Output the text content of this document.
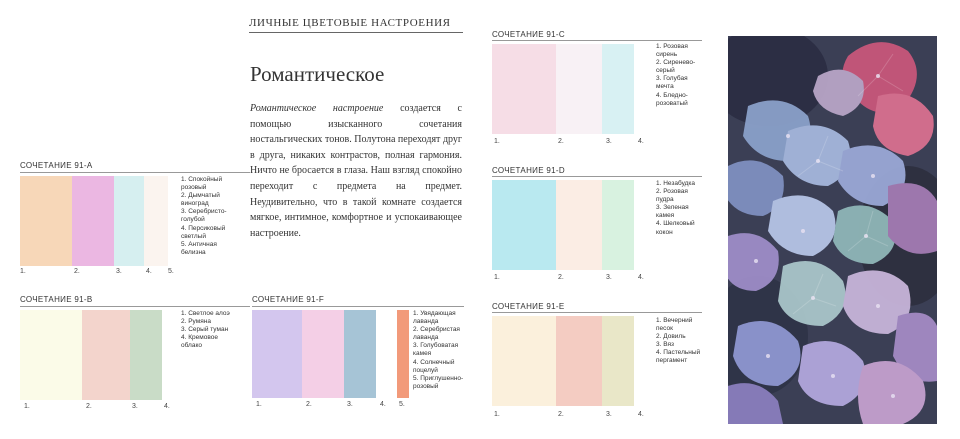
СОЧЕТАНИЕ 91-A
1.	2.	3.	4. 5.
1. Спокойный
розовый
2. Дымчатый
виноград
3. Серебристо-
голубой
4. Персиковый
светлый
5. Античная
белизна
СОЧЕТАНИЕ 91-B
1.	2.	3.	4.
1. Светлое алоэ
2. Румяна
3. Серый туман
4. Кремовое
облако
ЛИЧНЫЕ ЦВЕТОВЫЕ НАСТРОЕНИЯ
Романтическое
Романтическое настроение создается с помощью изысканного сочетания ностальгических тонов. Полутона переходят друг в друга, никаких контрастов, полная гармония. Ничто не бросается в глаза. Наш взгляд спокойно переходит с предмета на предмет. Неудивительно, что в такой комнате создается мягкое, интимное, комфортное и успокаивающее настроение.
СОЧЕТАНИЕ 91-F
1.	2.	3.	4. 5.
1. Увядающая
лаванда
2. Серебристая
лаванда
3. Голубоватая
камея
4. Солнечный
поцелуй
5. Приглушенно-
розовый
СОЧЕТАНИЕ 91-C
1.	2.	3.	4.
1. Розовая
сирень
2. Сиренево-
серый
3. Голубая
мечта
4. Бледно-
розоватый
СОЧЕТАНИЕ 91-D
1.	2.	3.	4.
1. Незабудка
2. Розовая
пудра
3. Зеленая
камея
4. Шелковый
кокон
СОЧЕТАНИЕ 91-E
1.	2.	3.	4.
1. Вечерний
песок
2. Довиль
3. Вяз
4. Пастельный
пергамент
